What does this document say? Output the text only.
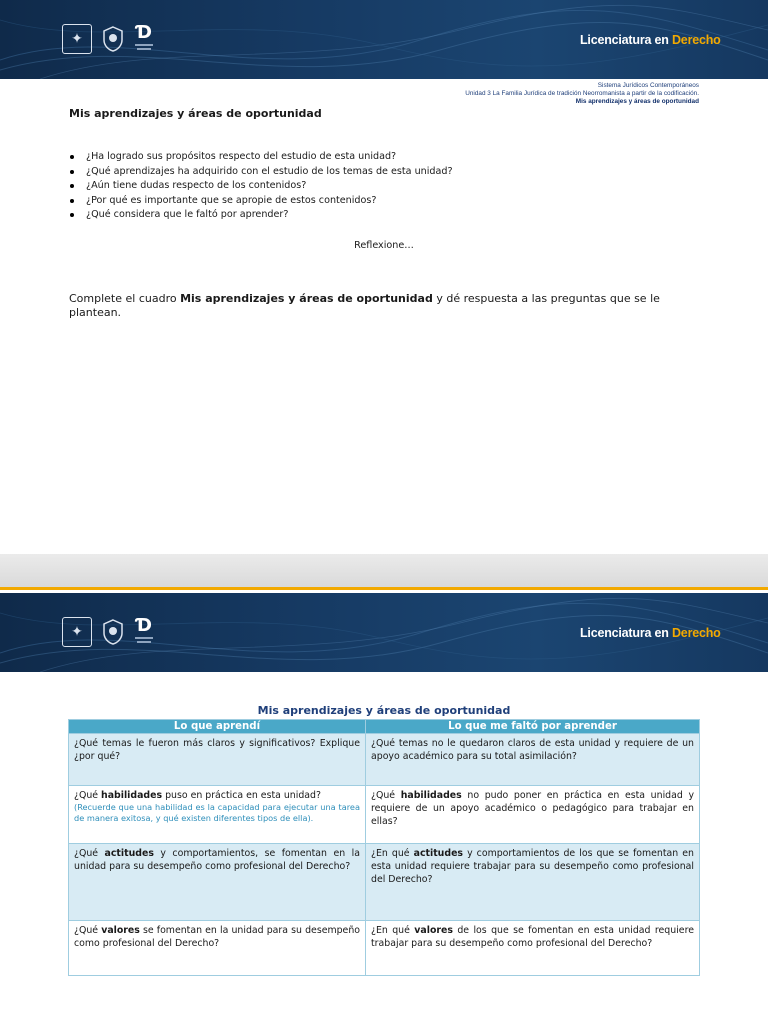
✦	Ɗ	Licenciatura en Derecho
Sistema Jurídicos Contemporáneos
Unidad 3 La Familia Jurídica de tradición Neorromanista a partir de la codificación.
Mis aprendizajes y áreas de oportunidad
Mis aprendizajes y áreas de oportunidad
¿Ha logrado sus propósitos respecto del estudio de esta unidad?
¿Qué aprendizajes ha adquirido con el estudio de los temas de esta unidad?
¿Aún tiene dudas respecto de los contenidos?
¿Por qué es importante que se apropie de estos contenidos?
¿Qué considera que le faltó por aprender?
Reflexione…
Complete el cuadro Mis aprendizajes y áreas de oportunidad y dé respuesta a las preguntas que se le plantean.
✦	Ɗ	Licenciatura en Derecho
Mis aprendizajes y áreas de oportunidad
Lo que aprendí	Lo que me faltó por aprender
¿Qué temas le fueron más claros y significativos? Explique ¿por qué?	¿Qué temas no le quedaron claros de esta unidad y requiere de un apoyo académico para su total asimilación?
¿Qué habilidades puso en práctica en esta unidad?
(Recuerde que una habilidad es la capacidad para ejecutar una tarea de manera exitosa, y qué existen diferentes tipos de ella).	¿Qué habilidades no pudo poner en práctica en esta unidad y requiere de un apoyo académico o pedagógico para trabajar en ellas?
¿Qué actitudes y comportamientos, se fomentan en la unidad para su desempeño como profesional del Derecho?	¿En qué actitudes y comportamientos de los que se fomentan en esta unidad requiere trabajar para su desempeño como profesional del Derecho?
¿Qué valores se fomentan en la unidad para su desempeño como profesional del Derecho?	¿En qué valores de los que se fomentan en esta unidad requiere trabajar para su desempeño como profesional del Derecho?
